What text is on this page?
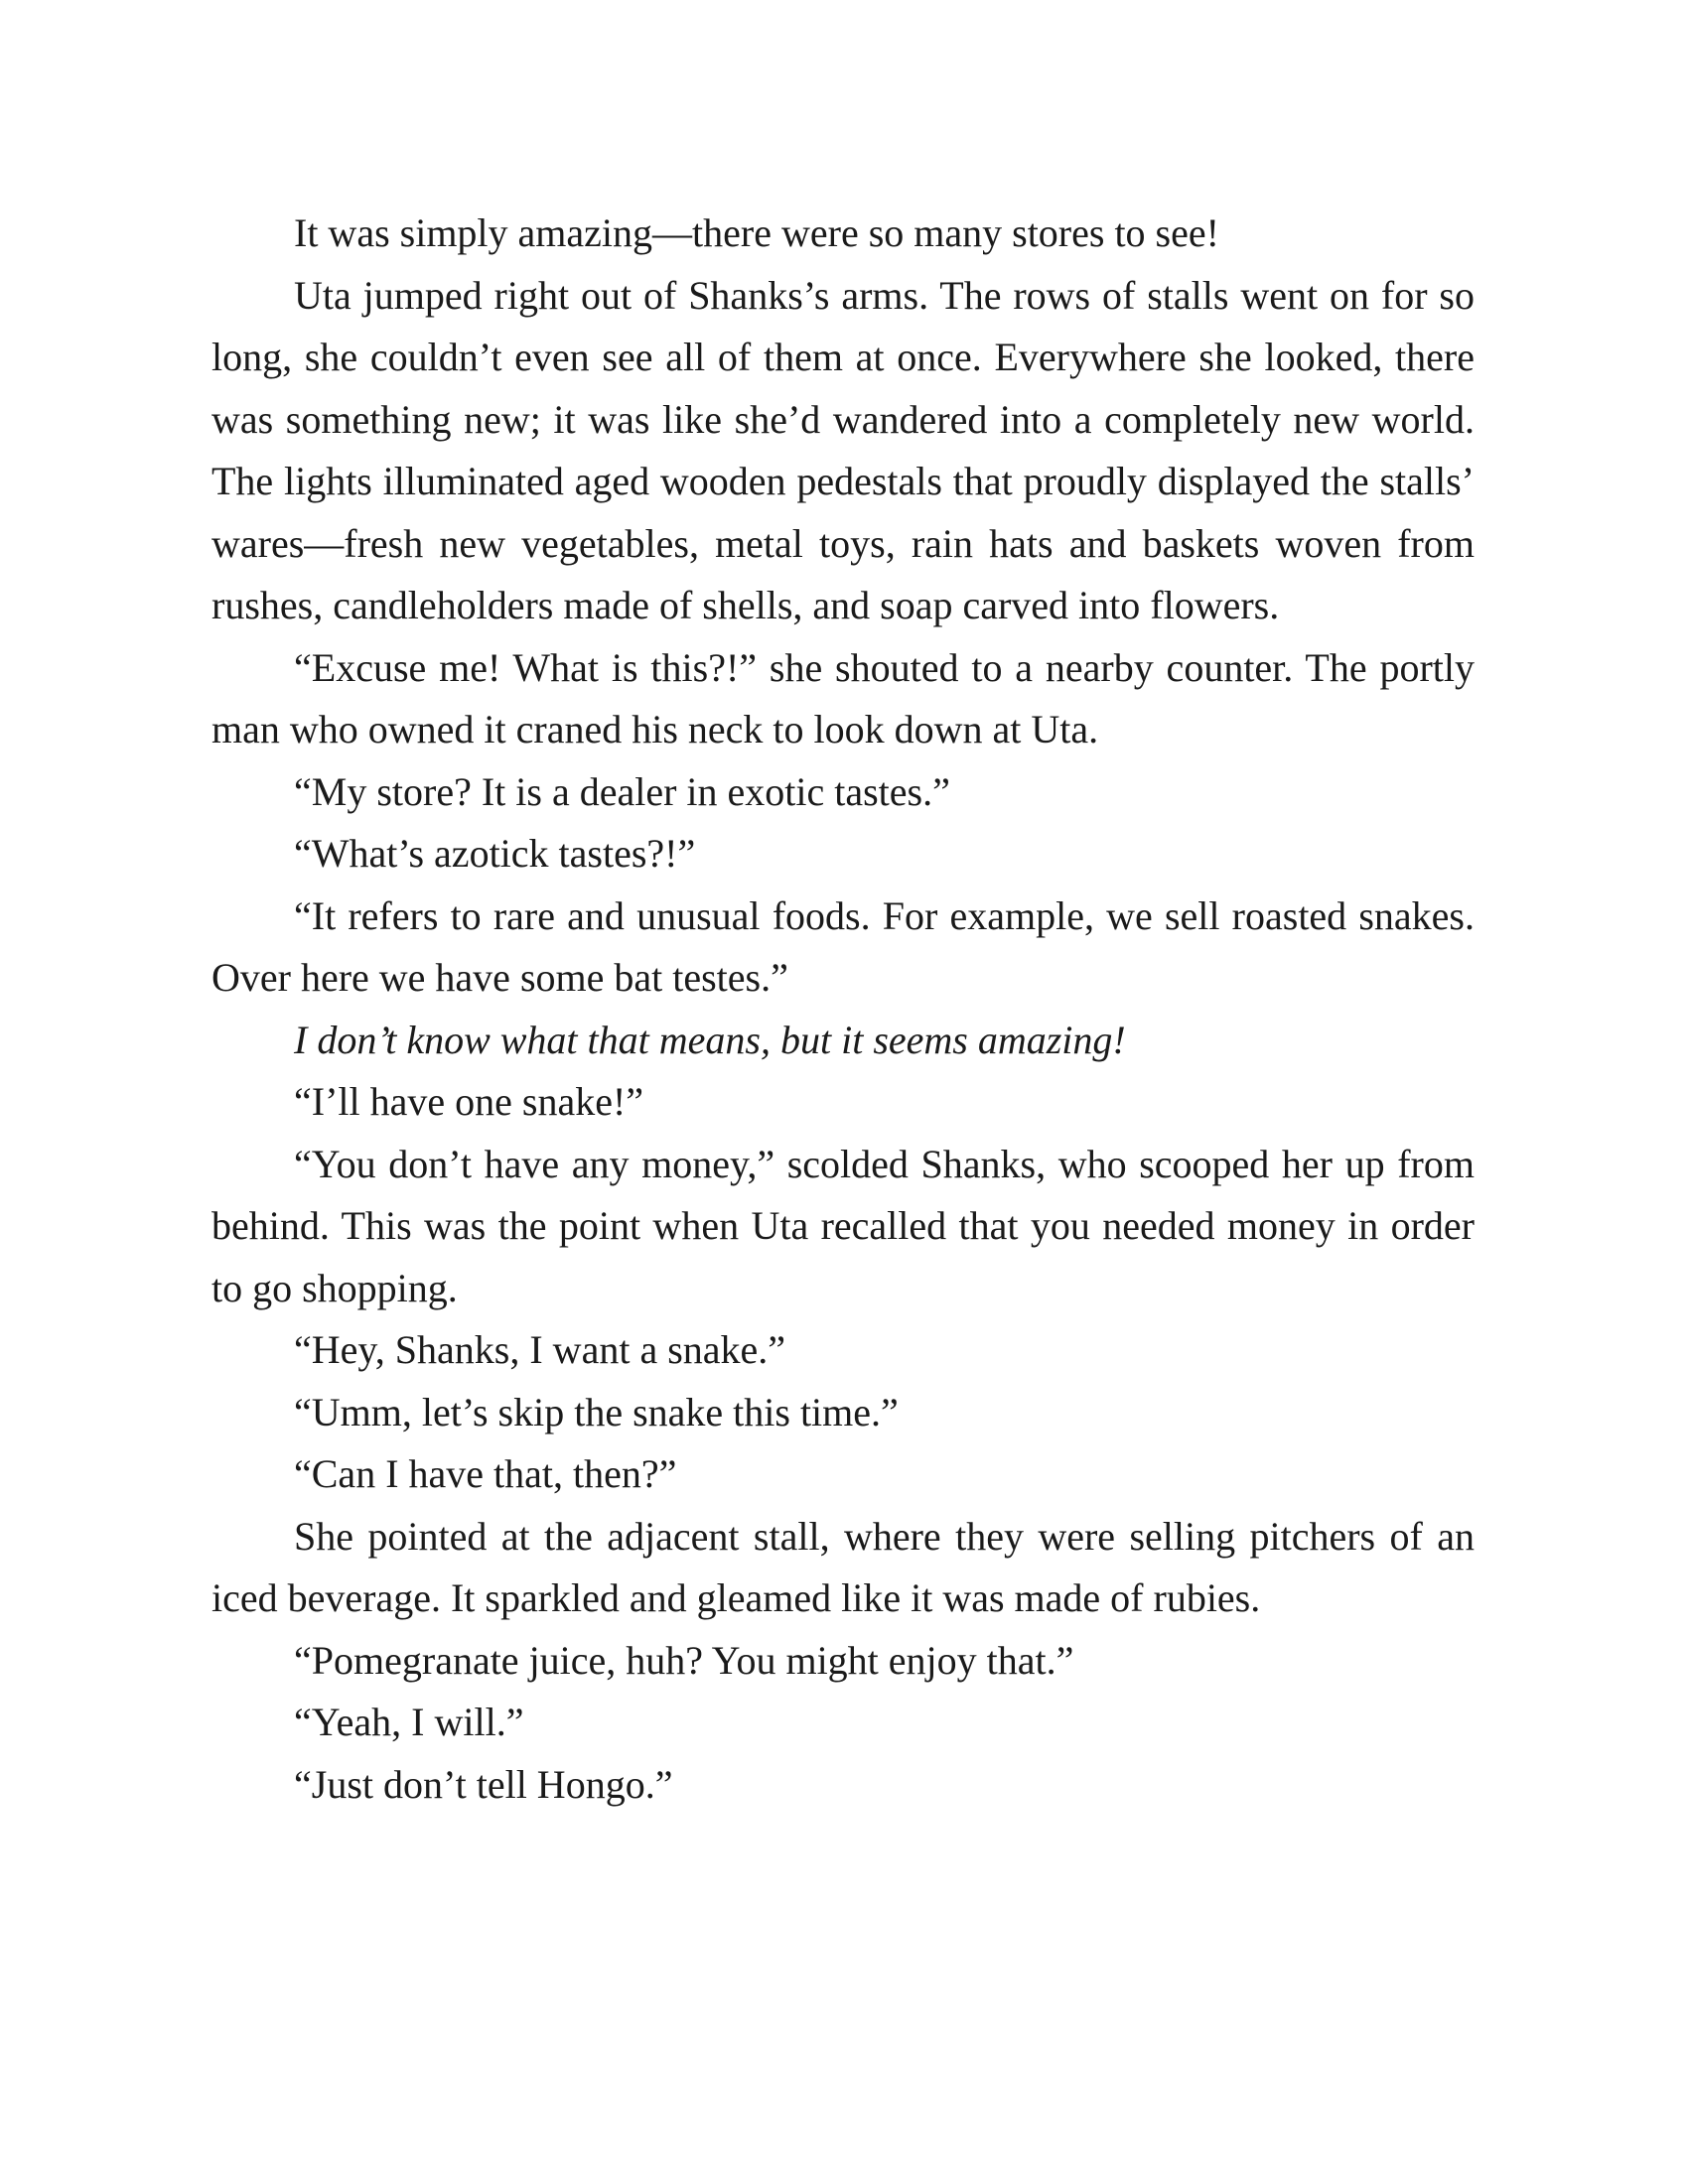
It was simply amazing—there were so many stores to see!

Uta jumped right out of Shanks’s arms. The rows of stalls went on for so long, she couldn’t even see all of them at once. Everywhere she looked, there was something new; it was like she’d wandered into a completely new world. The lights illuminated aged wooden pedestals that proudly displayed the stalls’ wares—fresh new vegetables, metal toys, rain hats and baskets woven from rushes, candleholders made of shells, and soap carved into flowers.

“Excuse me! What is this?!” she shouted to a nearby counter. The portly man who owned it craned his neck to look down at Uta.

“My store? It is a dealer in exotic tastes.”

“What’s azotick tastes?!”

“It refers to rare and unusual foods. For example, we sell roasted snakes. Over here we have some bat testes.”

I don’t know what that means, but it seems amazing!

“I’ll have one snake!”

“You don’t have any money,” scolded Shanks, who scooped her up from behind. This was the point when Uta recalled that you needed money in order to go shopping.

“Hey, Shanks, I want a snake.”

“Umm, let’s skip the snake this time.”

“Can I have that, then?”

She pointed at the adjacent stall, where they were selling pitchers of an iced beverage. It sparkled and gleamed like it was made of rubies.

“Pomegranate juice, huh? You might enjoy that.”

“Yeah, I will.”

“Just don’t tell Hongo.”
